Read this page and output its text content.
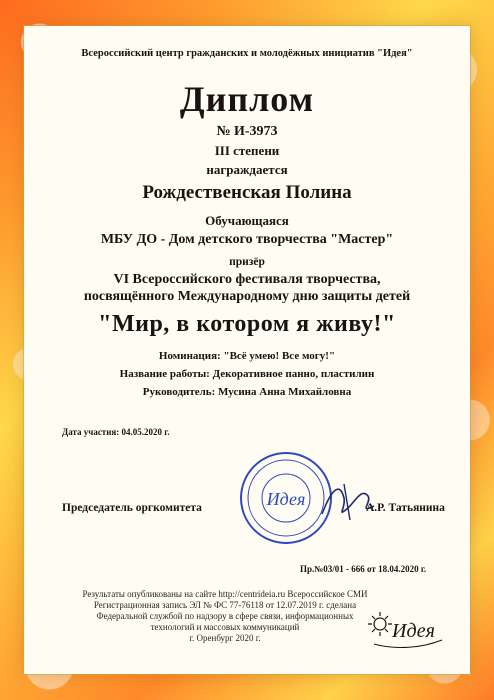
Всероссийский центр гражданских и молодёжных инициатив "Идея"
Диплом
№ И-3973
III степени
награждается
Рождественская Полина
Обучающаяся
МБУ ДО - Дом детского творчества "Мастер"
призёр
VI Всероссийского фестиваля творчества,
посвящённого Международному дню защиты детей
"Мир, в котором я живу!"
Номинация: "Всё умею! Все могу!"
Название работы: Декоративное панно, пластилин
Руководитель: Мусина Анна Михайловна
Дата участия: 04.05.2020 г.
Идея
Председатель оргкомитета	А.Р. Татьянина
Пр.№03/01 - 666 от 18.04.2020 г.
Результаты опубликованы на сайте http://centrideia.ru Всероссийское СМИ
Регистрационная запись ЭЛ № ФС 77-76118 от 12.07.2019 г. сделана
Федеральной службой по надзору в сфере связи, информационных
технологий и массовых коммуникаций
г. Оренбург 2020 г.	Идея
